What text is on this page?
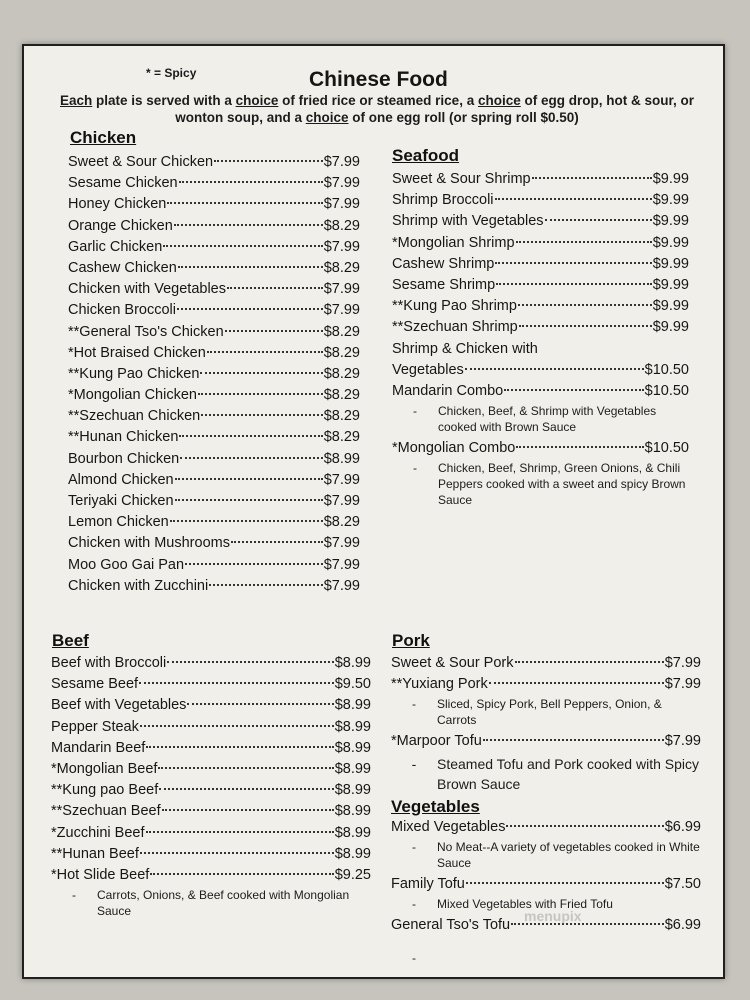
* = Spicy	Chinese Food
Each plate is served with a choice of fried rice or steamed rice, a choice of egg drop, hot & sour, or wonton soup, and a choice of one egg roll (or spring roll $0.50)
Chicken
Sweet & Sour Chicken	$7.99
Sesame Chicken	$7.99
Honey Chicken	$7.99
Orange Chicken	$8.29
Garlic Chicken	$7.99
Cashew Chicken	$8.29
Chicken with Vegetables	$7.99
Chicken Broccoli	$7.99
**General Tso's Chicken	$8.29
*Hot Braised Chicken	$8.29
**Kung Pao Chicken	$8.29
*Mongolian Chicken	$8.29
**Szechuan Chicken	$8.29
**Hunan Chicken	$8.29
Bourbon Chicken	$8.99
Almond Chicken	$7.99
Teriyaki Chicken	$7.99
Lemon Chicken	$8.29
Chicken with Mushrooms	$7.99
Moo Goo Gai Pan	$7.99
Chicken with Zucchini	$7.99
Seafood
Sweet & Sour Shrimp	$9.99
Shrimp Broccoli	$9.99
Shrimp with Vegetables	$9.99
*Mongolian Shrimp	$9.99
Cashew Shrimp	$9.99
Sesame Shrimp	$9.99
**Kung Pao Shrimp	$9.99
**Szechuan Shrimp	$9.99
Shrimp & Chicken with
Vegetables	$10.50
Mandarin Combo	$10.50
-	Chicken, Beef, & Shrimp with Vegetables cooked with Brown Sauce
*Mongolian Combo	$10.50
-	Chicken, Beef, Shrimp, Green Onions, & Chili Peppers cooked with a sweet and spicy Brown Sauce
Beef
Beef with Broccoli	$8.99
Sesame Beef	$9.50
Beef with Vegetables	$8.99
Pepper Steak	$8.99
Mandarin Beef	$8.99
*Mongolian Beef	$8.99
**Kung pao Beef	$8.99
**Szechuan Beef	$8.99
*Zucchini Beef	$8.99
**Hunan Beef	$8.99
*Hot Slide Beef	$9.25
-	Carrots, Onions, & Beef cooked with Mongolian Sauce
Pork
Sweet & Sour Pork	$7.99
**Yuxiang Pork	$7.99
-	Sliced, Spicy Pork, Bell Peppers, Onion, & Carrots
*Marpoor Tofu	$7.99
-	Steamed Tofu and Pork cooked with Spicy Brown Sauce
Vegetables
Mixed Vegetables	$6.99
-	No Meat--A variety of vegetables cooked in White Sauce
Family Tofu	$7.50
-	Mixed Vegetables with Fried Tofu
General Tso's Tofu	$6.99
menupix
-
